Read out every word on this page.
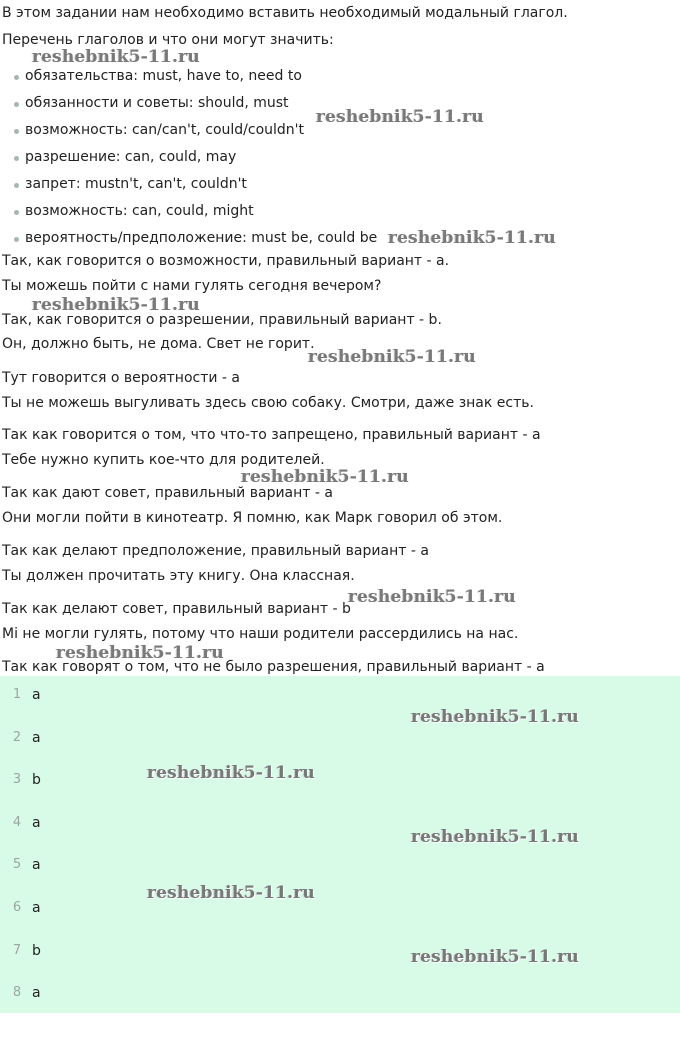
В этом задании нам необходимо вставить необходимый модальный глагол.
Перечень глаголов и что они могут значить:
обязательства: must, have to, need to
обязанности и советы: should, must
возможность: can/can't, could/couldn't
разрешение: can, could, may
запрет: mustn't, can't, couldn't
возможность: can, could, might
вероятность/предположение: must be, could be
Так, как говорится о возможности, правильный вариант - a.
Ты можешь пойти с нами гулять сегодня вечером?
Так, как говорится о разрешении, правильный вариант - b.
Он, должно быть, не дома. Свет не горит.
Тут говорится о вероятности - a
Ты не можешь выгуливать здесь свою собаку. Смотри, даже знак есть.
Так как говорится о том, что что-то запрещено, правильный вариант - a
Тебе нужно купить кое-что для родителей.
Так как дают совет, правильный вариант - a
Они могли пойти в кинотеатр. Я помню, как Марк говорил об этом.
Так как делают предположение, правильный вариант - a
Ты должен прочитать эту книгу. Она классная.
Так как делают совет, правильный вариант - b
Mi не могли гулять, потому что наши родители рассердились на нас.
Так как говорят о том, что не было разрешения, правильный вариант - a
1 a
2 a
3 b
4 a
5 a
6 a
7 b
8 a
reshebnik5-11.ru
reshebnik5-11.ru
reshebnik5-11.ru
reshebnik5-11.ru
reshebnik5-11.ru
reshebnik5-11.ru
reshebnik5-11.ru
reshebnik5-11.ru
reshebnik5-11.ru
reshebnik5-11.ru
reshebnik5-11.ru
reshebnik5-11.ru
reshebnik5-11.ru
